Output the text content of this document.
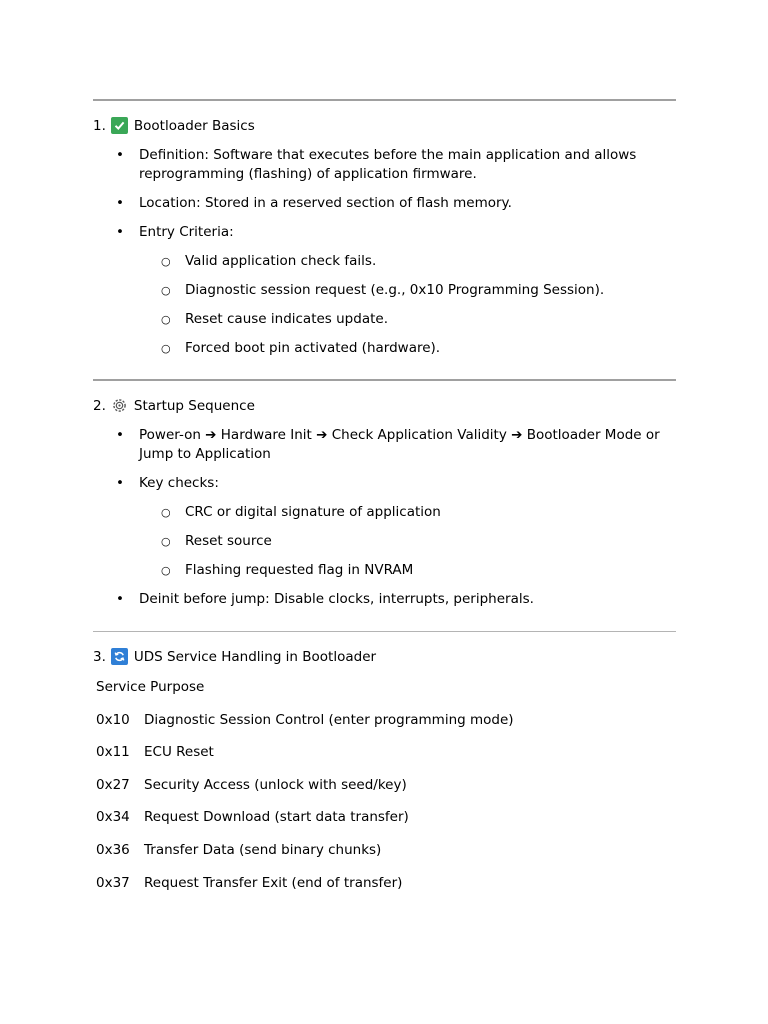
1. Bootloader Basics
• Definition: Software that executes before the main application and allows reprogramming (flashing) of application firmware.
• Location: Stored in a reserved section of flash memory.
• Entry Criteria:
○ Valid application check fails.
○ Diagnostic session request (e.g., 0x10 Programming Session).
○ Reset cause indicates update.
○ Forced boot pin activated (hardware).
2. Startup Sequence
• Power-on ➔ Hardware Init ➔ Check Application Validity ➔ Bootloader Mode or Jump to Application
• Key checks:
○ CRC or digital signature of application
○ Reset source
○ Flashing requested flag in NVRAM
• Deinit before jump: Disable clocks, interrupts, peripherals.
3. UDS Service Handling in Bootloader
Service Purpose
0x10	Diagnostic Session Control (enter programming mode)
0x11	ECU Reset
0x27	Security Access (unlock with seed/key)
0x34	Request Download (start data transfer)
0x36	Transfer Data (send binary chunks)
0x37	Request Transfer Exit (end of transfer)
